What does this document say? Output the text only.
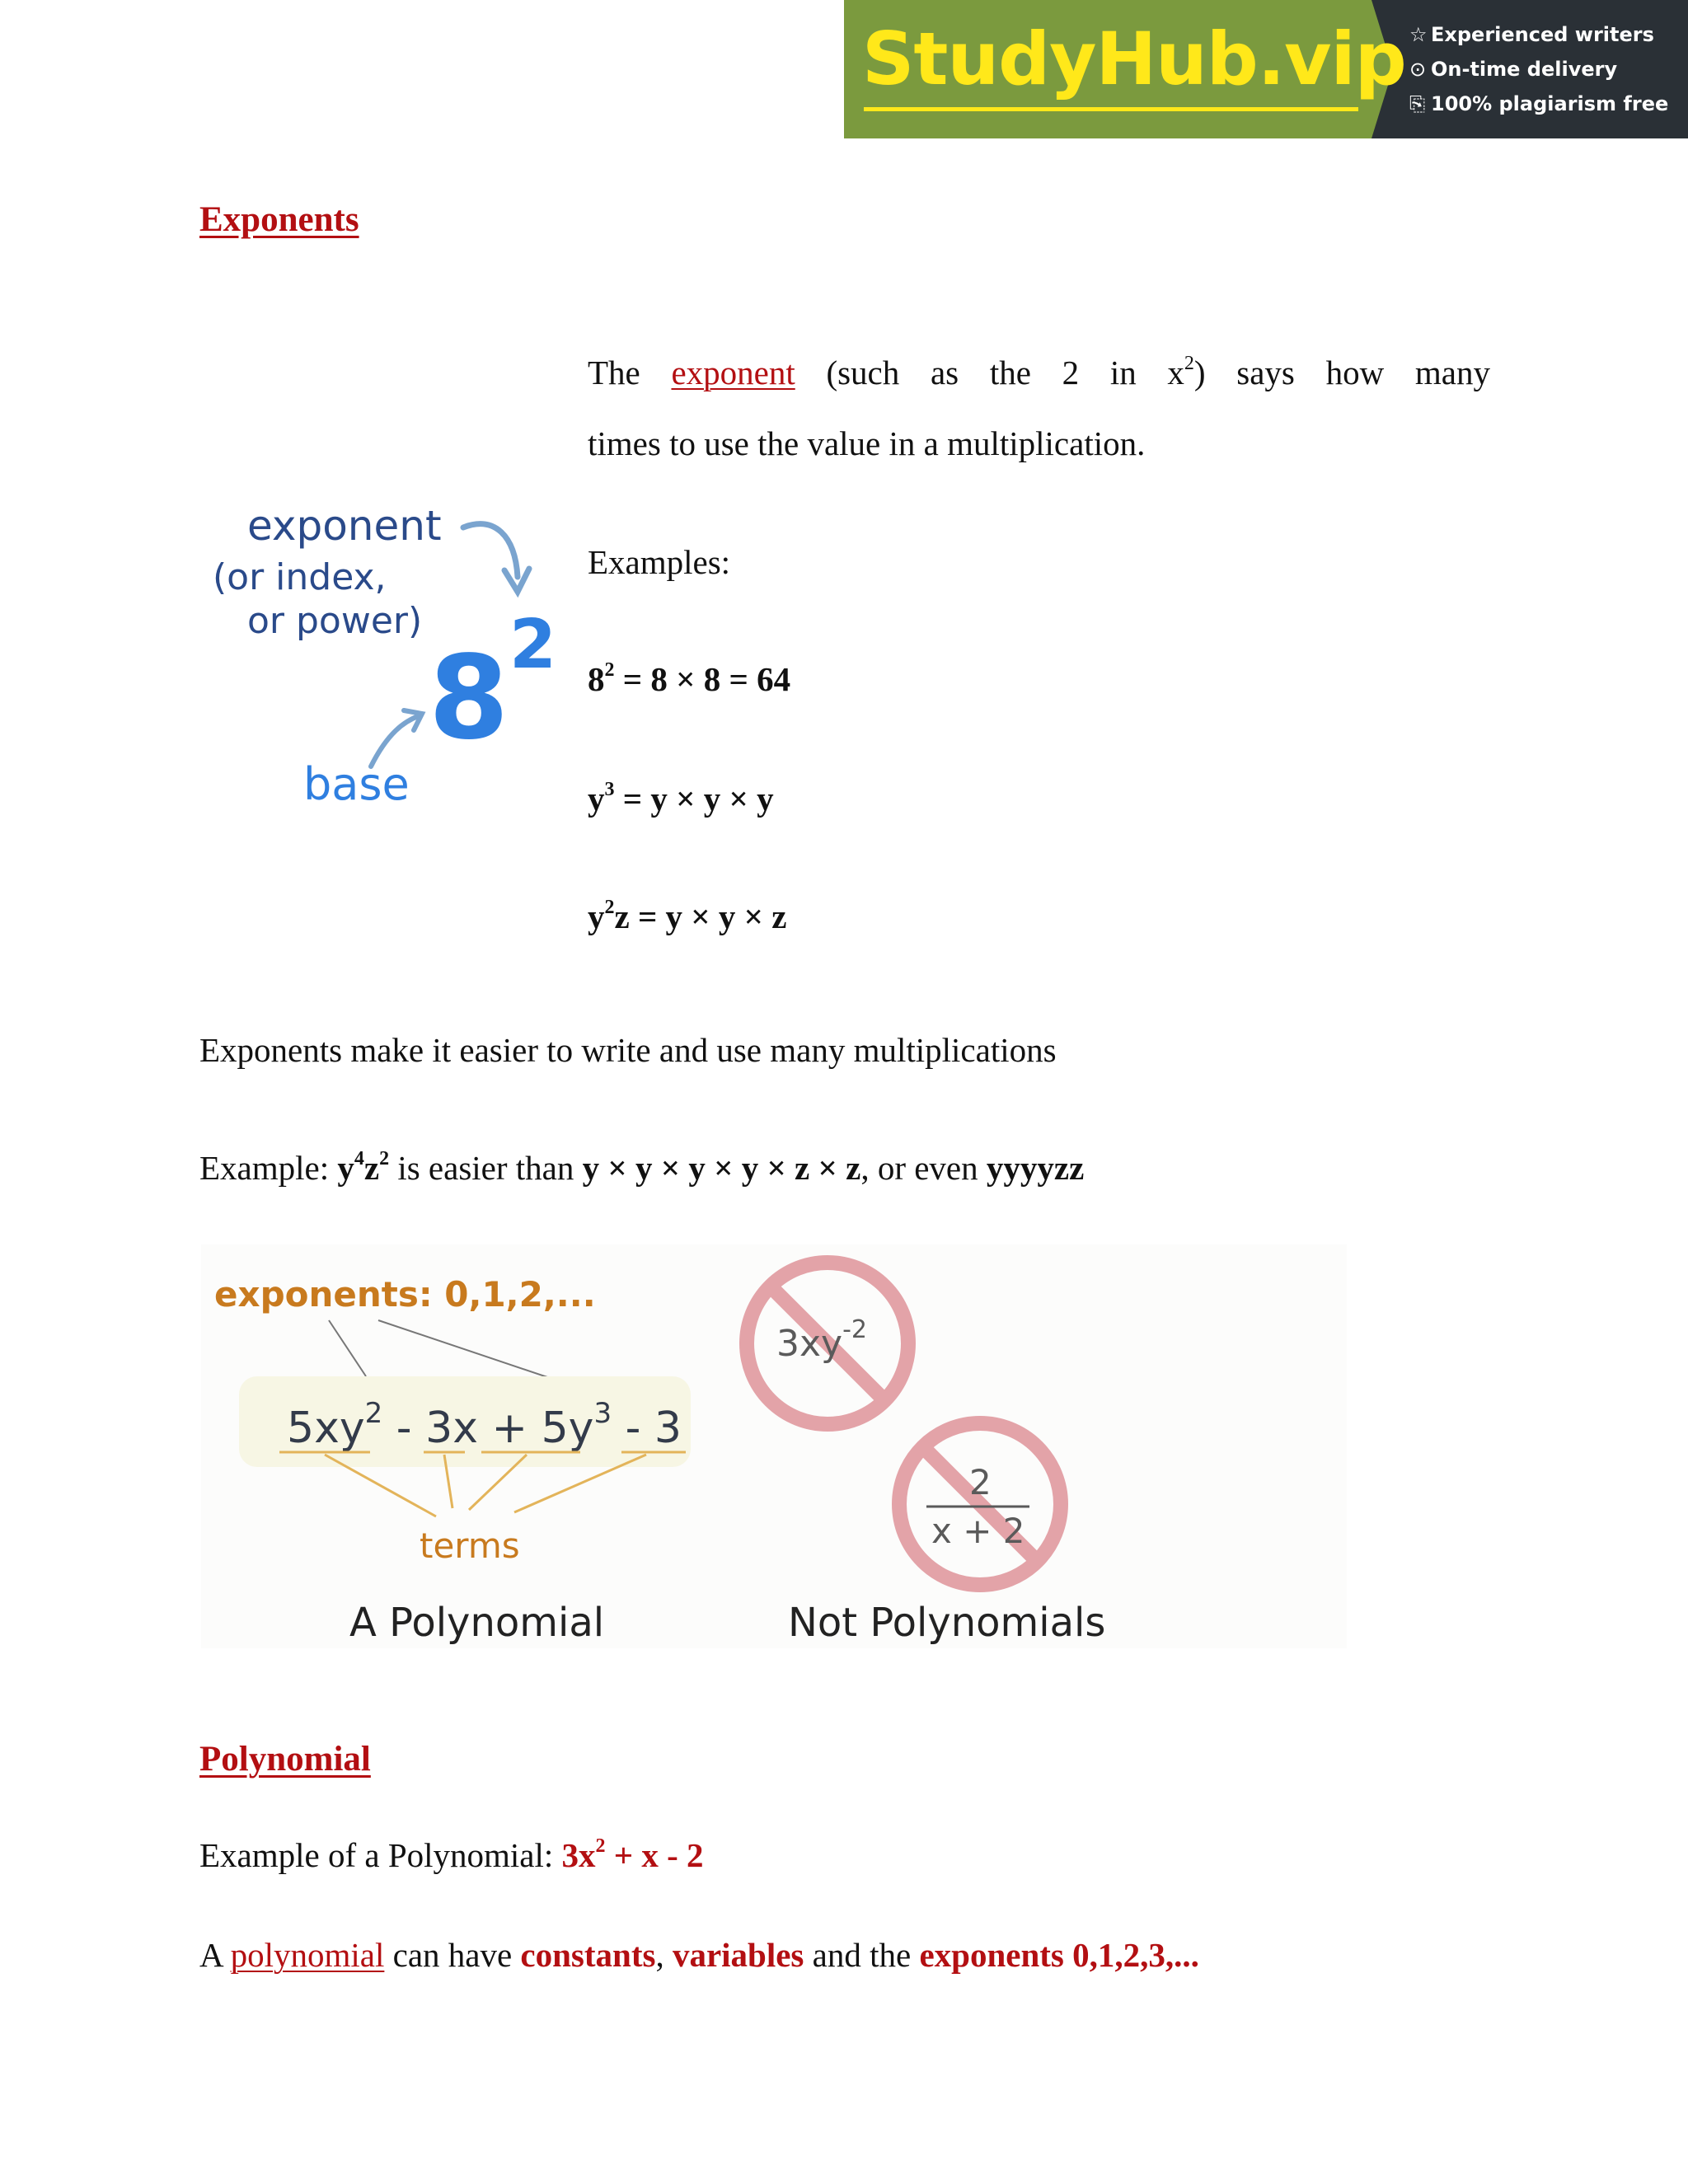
StudyHub.vip ☆ Experienced writers
⊙ On-time delivery
⎘ 100% plagiarism free
Exponents
The exponent (such as the 2 in $x^2$) says how many
times to use the value in a multiplication.
exponent
(or index,
or power)
8 2
base
Examples:
$8^2 = 8 \times 8 = 64$
$y^3 = y \times y \times y$
$y^2z = y \times y \times z$
Exponents make it easier to write and use many multiplications
Example: $y^4z^2$ is easier than y × y × y × y × z × z, or even yyyyzz
exponents: 0,1,2,...
$5xy^2 - 3x + 5y^3 - 3$
terms
A Polynomial
$3xy^{-2}$
2
x + 2
Not Polynomials
Polynomial
Example of a Polynomial: $3x^2 + x - 2$
A polynomial can have constants, variables and the exponents 0,1,2,3,...
